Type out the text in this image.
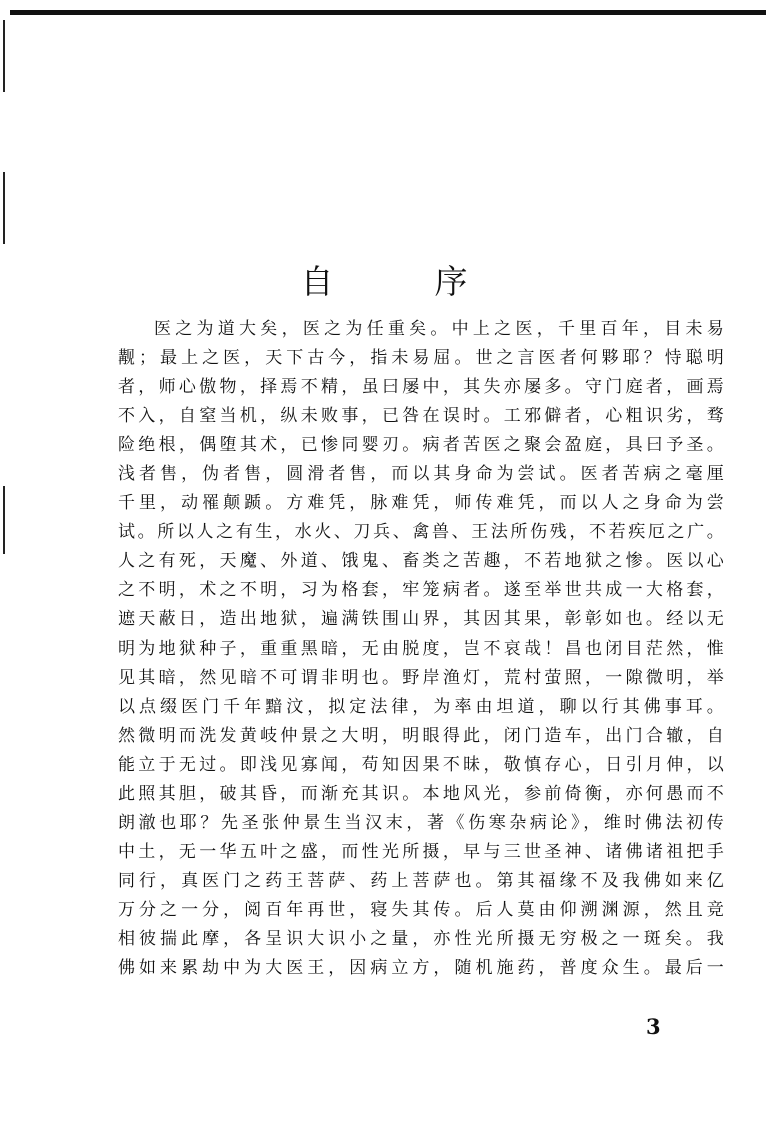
自　序
医之为道大矣，医之为任重矣。中上之医，千里百年，目未易
觏；最上之医，天下古今，指未易屈。世之言医者何夥耶？恃聪明
者，师心傲物，择焉不精，虽曰屡中，其失亦屡多。守门庭者，画焉
不入，自窒当机，纵未败事，已咎在误时。工邪僻者，心粗识劣，骛
险绝根，偶堕其术，已惨同婴刃。病者苦医之聚会盈庭，具曰予圣。
浅者售，伪者售，圆滑者售，而以其身命为尝试。医者苦病之毫厘
千里，动罹颠踬。方难凭，脉难凭，师传难凭，而以人之身命为尝
试。所以人之有生，水火、刀兵、禽兽、王法所伤残，不若疾厄之广。
人之有死，天魔、外道、饿鬼、畜类之苦趣，不若地狱之惨。医以心
之不明，术之不明，习为格套，牢笼病者。遂至举世共成一大格套，
遮天蔽日，造出地狱，遍满铁围山界，其因其果，彰彰如也。经以无
明为地狱种子，重重黑暗，无由脱度，岂不哀哉！昌也闭目茫然，惟
见其暗，然见暗不可谓非明也。野岸渔灯，荒村萤照，一隙微明，举
以点缀医门千年黯汶，拟定法律，为率由坦道，聊以行其佛事耳。
然微明而洗发黄岐仲景之大明，明眼得此，闭门造车，出门合辙，自
能立于无过。即浅见寡闻，苟知因果不昧，敬慎存心，日引月伸，以
此照其胆，破其昏，而渐充其识。本地风光，参前倚衡，亦何愚而不
朗澈也耶？先圣张仲景生当汉末，著《伤寒杂病论》，维时佛法初传
中土，无一华五叶之盛，而性光所摄，早与三世圣神、诸佛诸祖把手
同行，真医门之药王菩萨、药上菩萨也。第其福缘不及我佛如来亿
万分之一分，阅百年再世，寝失其传。后人莫由仰溯渊源，然且竞
相彼揣此摩，各呈识大识小之量，亦性光所摄无穷极之一斑矣。我
佛如来累劫中为大医王，因病立方，随机施药，普度众生。最后一
3
